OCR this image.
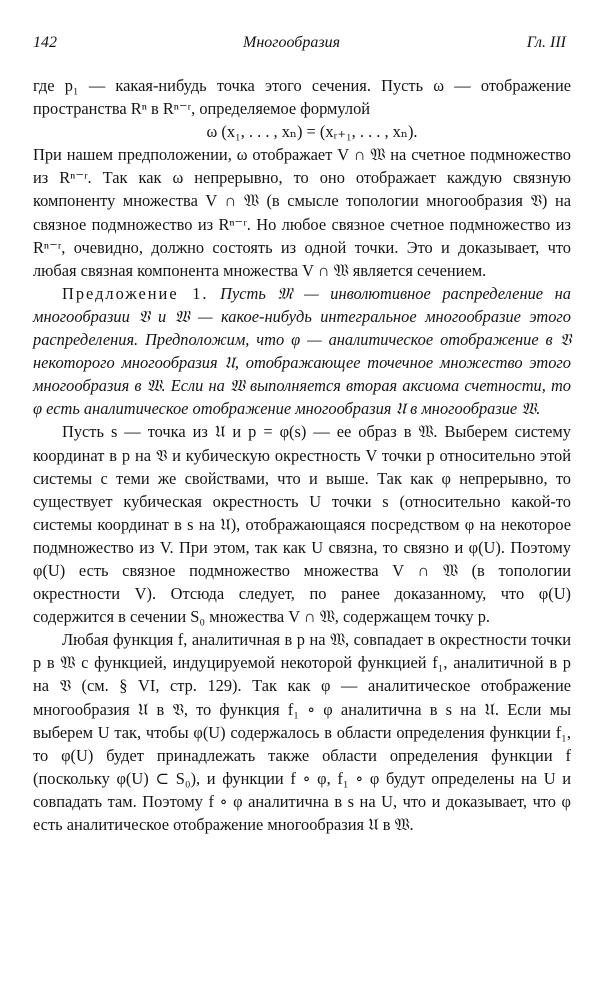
142	Многообразия	Гл. III

где p₁ — какая-нибудь точка этого сечения. Пусть ω — отображение пространства Rⁿ в Rⁿ⁻ʳ, определяемое формулой

ω (x₁, . . . , xₙ) = (xᵣ₊₁, . . . , xₙ).

При нашем предположении, ω отображает V ∩ 𝔚 на счетное подмножество из Rⁿ⁻ʳ. Так как ω непрерывно, то оно отображает каждую связную компоненту множества V ∩ 𝔚 (в смысле топологии многообразия 𝔙) на связное подмножество из Rⁿ⁻ʳ. Но любое связное счетное подмножество из Rⁿ⁻ʳ, очевидно, должно состоять из одной точки. Это и доказывает, что любая связная компонента множества V ∩ 𝔚 является сечением.

Предложение 1. Пусть 𝔐 — инволютивное распределение на многообразии 𝔙 и 𝔚 — какое-нибудь интегральное многообразие этого распределения. Предположим, что φ — аналитическое отображение в 𝔙 некоторого многообразия 𝔘, отображающее точечное множество этого многообразия в 𝔚. Если на 𝔚 выполняется вторая аксиома счетности, то φ есть аналитическое отображение многообразия 𝔘 в многообразие 𝔚.

Пусть s — точка из 𝔘 и p = φ(s) — ее образ в 𝔚. Выберем систему координат в p на 𝔙 и кубическую окрестность V точки p относительно этой системы с теми же свойствами, что и выше. Так как φ непрерывно, то существует кубическая окрестность U точки s (относительно какой-то системы координат в s на 𝔘), отображающаяся посредством φ на некоторое подмножество из V. При этом, так как U связна, то связно и φ(U). Поэтому φ(U) есть связное подмножество множества V ∩ 𝔚 (в топологии окрестности V). Отсюда следует, по ранее доказанному, что φ(U) содержится в сечении S₀ множества V ∩ 𝔚, содержащем точку p.

Любая функция f, аналитичная в p на 𝔚, совпадает в окрестности точки p в 𝔚 с функцией, индуцируемой некоторой функцией f₁, аналитичной в p на 𝔙 (см. § VI, стр. 129). Так как φ — аналитическое отображение многообразия 𝔘 в 𝔙, то функция f₁ ∘ φ аналитична в s на 𝔘. Если мы выберем U так, чтобы φ(U) содержалось в области определения функции f₁, то φ(U) будет принадлежать также области определения функции f (поскольку φ(U) ⊂ S₀), и функции f ∘ φ, f₁ ∘ φ будут определены на U и совпадать там. Поэтому f ∘ φ аналитична в s на U, что и доказывает, что φ есть аналитическое отображение многообразия 𝔘 в 𝔚.
